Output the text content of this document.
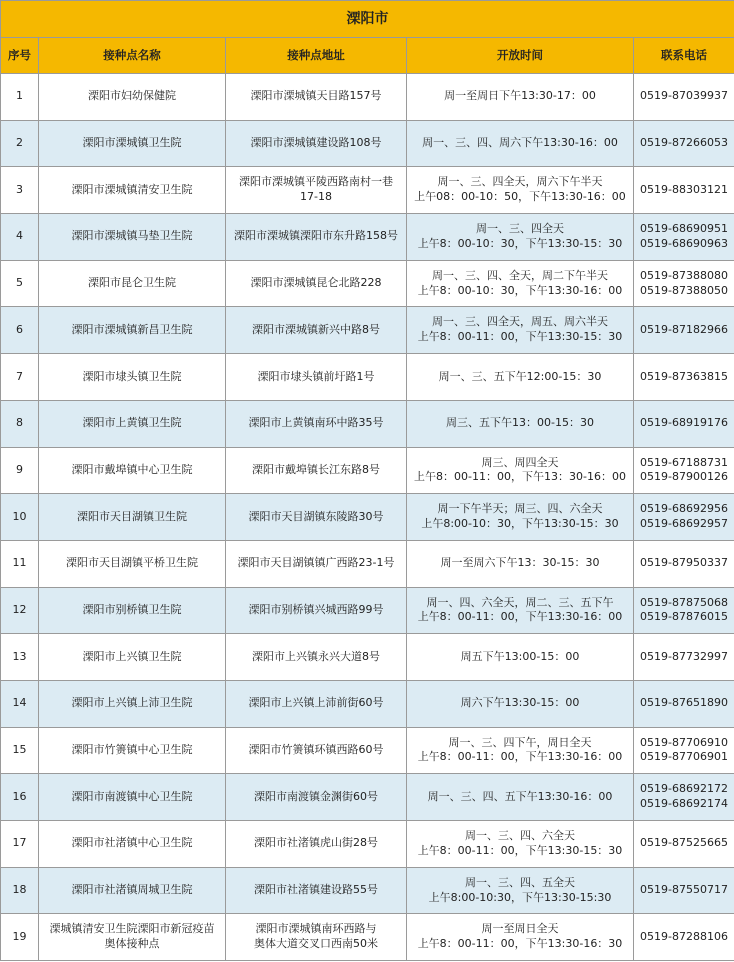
溧阳市				
序号	接种点名称	接种点地址	开放时间	联系电话
1	溧阳市妇幼保健院	溧阳市溧城镇天目路157号	周一至周日下午13:30-17：00	0519-87039937

2	溧阳市溧城镇卫生院	溧阳市溧城镇建设路108号	周一、三、四、周六下午13:30-16：00	0519-87266053

3	溧阳市溧城镇清安卫生院	溧阳市溧城镇平陵西路南村一巷
17-18	周一、三、四全天，周六下午半天
上午08：00-10：50，下午13:30-16：00	0519-88303121

4	溧阳市溧城镇马垫卫生院	溧阳市溧城镇溧阳市东升路158号	周一、三、四全天
上午8：00-10：30，下午13:30-15：30	0519-68690951
0519-68690963

5	溧阳市昆仑卫生院	溧阳市溧城镇昆仑北路228	周一、三、四、全天，周二下午半天
上午8：00-10：30，下午13:30-16：00	0519-87388080
0519-87388050

6	溧阳市溧城镇新昌卫生院	溧阳市溧城镇新兴中路8号	周一、三、四全天，周五、周六半天
上午8：00-11：00，下午13:30-15：30	0519-87182966

7	溧阳市埭头镇卫生院	溧阳市埭头镇前圩路1号	周一、三、五下午12:00-15：30	0519-87363815

8	溧阳市上黄镇卫生院	溧阳市上黄镇南环中路35号	周三、五下午13：00-15：30	0519-68919176

9	溧阳市戴埠镇中心卫生院	溧阳市戴埠镇长江东路8号	周三、周四全天
上午8：00-11：00，下午13：30-16：00	0519-67188731
0519-87900126

10	溧阳市天目湖镇卫生院	溧阳市天目湖镇东陵路30号	周一下午半天；周三、四、六全天
上午8:00-10：30，下午13:30-15：30	0519-68692956
0519-68692957

11	溧阳市天目湖镇平桥卫生院	溧阳市天目湖镇镇广西路23-1号	周一至周六下午13：30-15：30	0519-87950337

12	溧阳市别桥镇卫生院	溧阳市别桥镇兴城西路99号	周一、四、六全天，周二、三、五下午
上午8：00-11：00，下午13:30-16：00	0519-87875068
0519-87876015

13	溧阳市上兴镇卫生院	溧阳市上兴镇永兴大道8号	周五下午13:00-15：00	0519-87732997

14	溧阳市上兴镇上沛卫生院	溧阳市上兴镇上沛前街60号	周六下午13:30-15：00	0519-87651890

15	溧阳市竹箦镇中心卫生院	溧阳市竹箦镇环镇西路60号	周一、三、四下午，周日全天
上午8：00-11：00，下午13:30-16：00	0519-87706910
0519-87706901

16	溧阳市南渡镇中心卫生院	溧阳市南渡镇金渊街60号	周一、三、四、五下午13:30-16：00	0519-68692172
0519-68692174

17	溧阳市社渚镇中心卫生院	溧阳市社渚镇虎山街28号	周一、三、四、六全天
上午8：00-11：00，下午13:30-15：30	0519-87525665

18	溧阳市社渚镇周城卫生院	溧阳市社渚镇建设路55号	周一、三、四、五全天
上午8:00-10:30，下午13:30-15:30	0519-87550717

19	溧城镇清安卫生院溧阳市新冠疫苗
奥体接种点	溧阳市溧城镇南环西路与
奥体大道交叉口西南50米	周一至周日全天
上午8：00-11：00，下午13:30-16：30	0519-87288106
